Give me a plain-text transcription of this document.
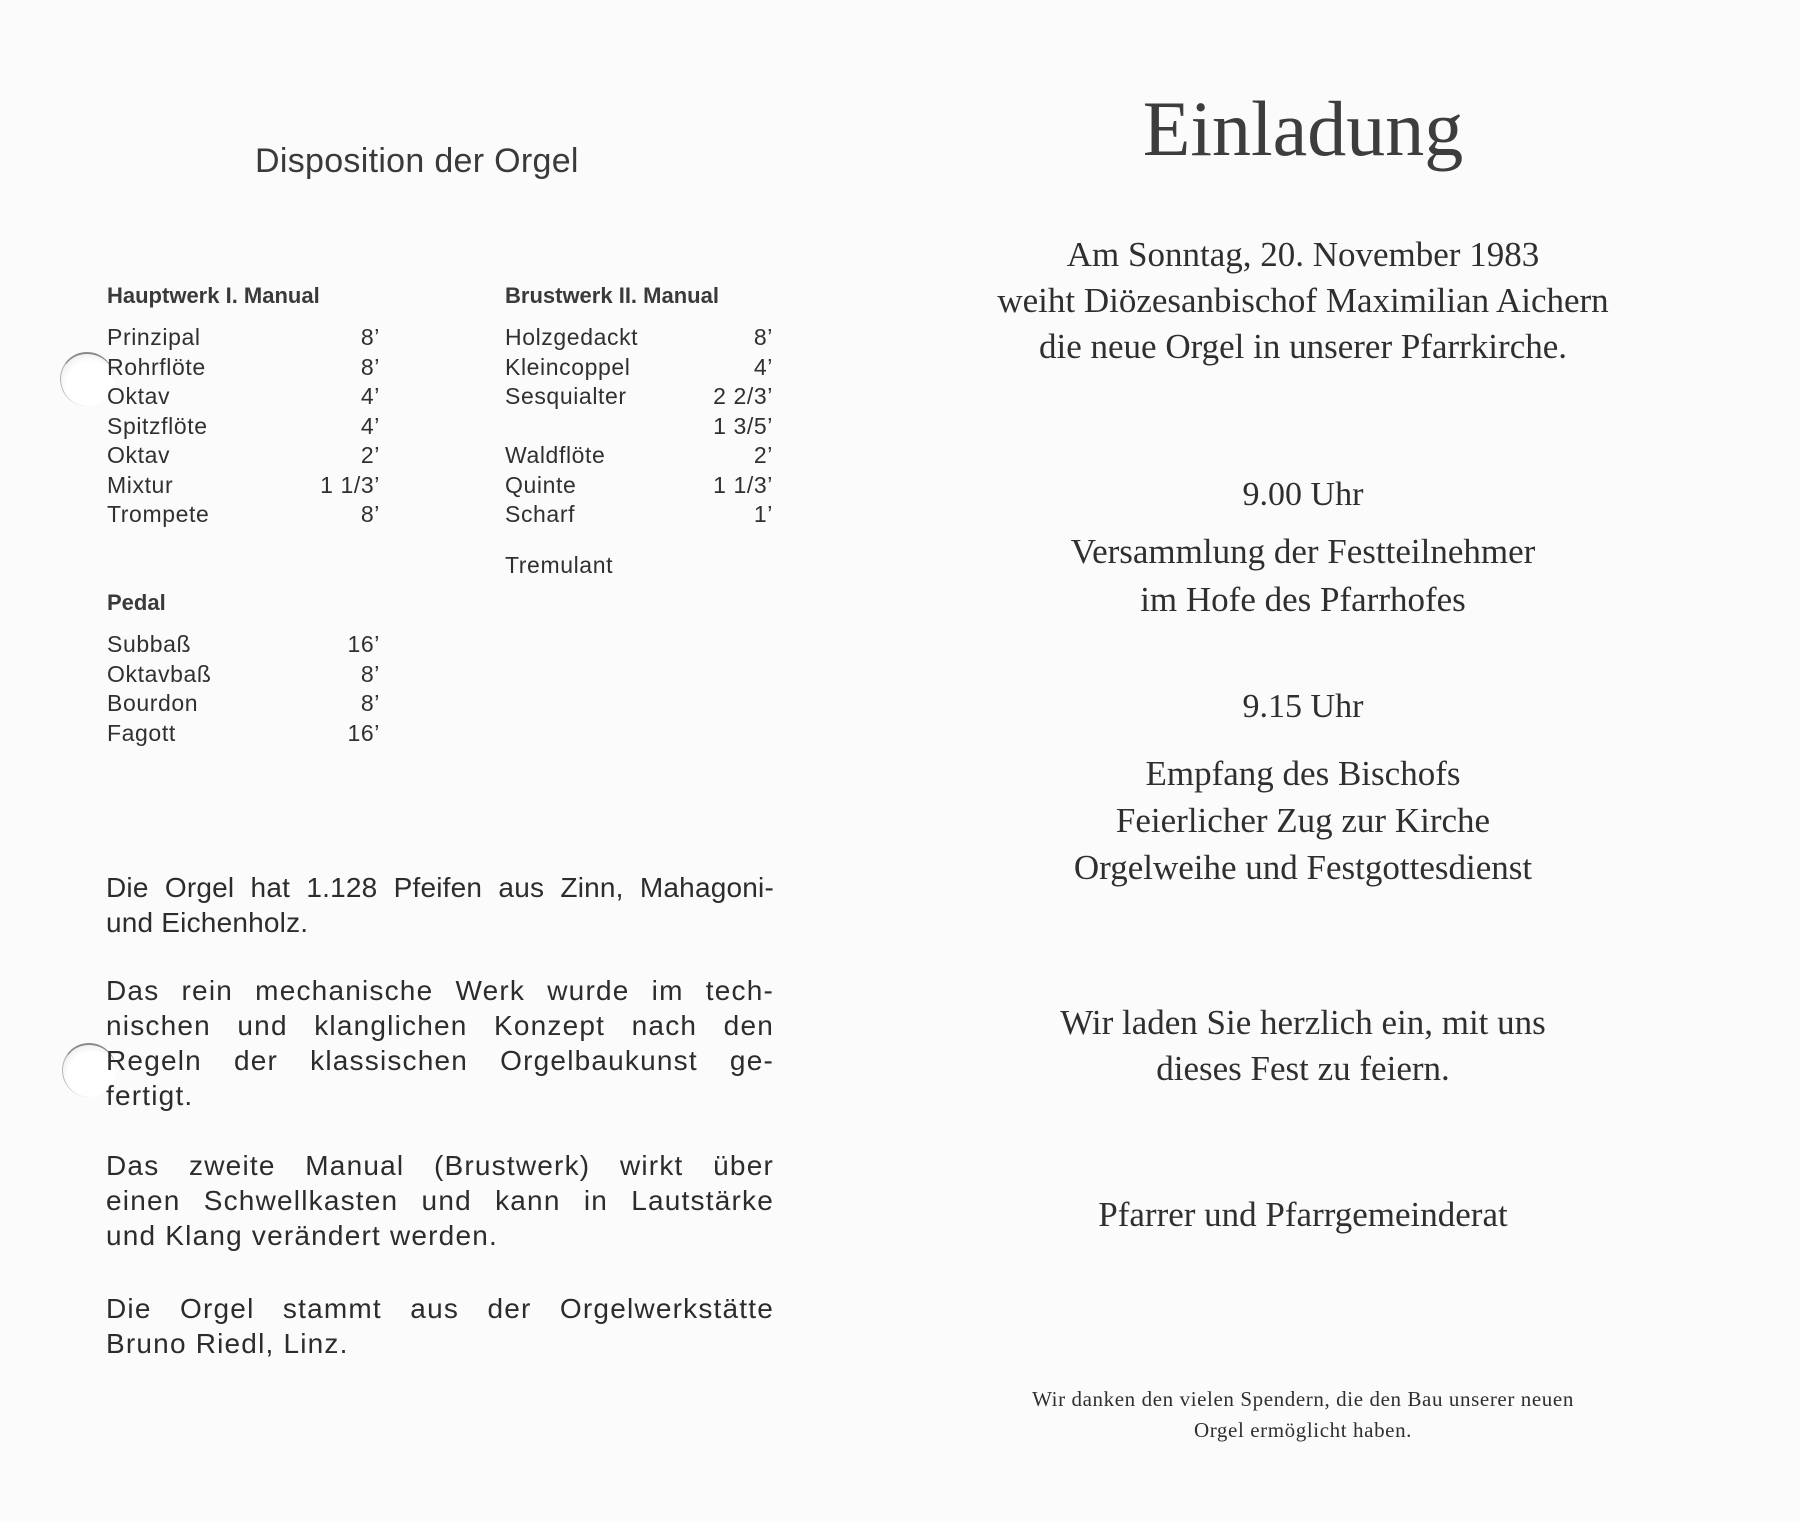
Disposition der Orgel
Hauptwerk I. Manual
Prinzipal	8’
Rohrflöte	8’
Oktav	4’
Spitzflöte	4’
Oktav	2’
Mixtur	1 1/3’
Trompete	8’
Brustwerk II. Manual
Holzgedackt	8’
Kleincoppel	4’
Sesquialter	2 2/3’
1 3/5’
Waldflöte	2’
Quinte	1 1/3’
Scharf	1’
Tremulant
Pedal
Subbaß	16’
Oktavbaß	8’
Bourdon	8’
Fagott	16’
Die Orgel hat 1.128 Pfeifen aus Zinn, Mahagoni-
und Eichenholz.
Das rein mechanische Werk wurde im tech-
nischen und klanglichen Konzept nach den
Regeln der klassischen Orgelbaukunst ge-
fertigt.
Das zweite Manual (Brustwerk) wirkt über
einen Schwellkasten und kann in Lautstärke
und Klang verändert werden.
Die Orgel stammt aus der Orgelwerkstätte
Bruno Riedl, Linz.
Einladung
Am Sonntag, 20. November 1983
weiht Diözesanbischof Maximilian Aichern
die neue Orgel in unserer Pfarrkirche.
9.00 Uhr
Versammlung der Festteilnehmer
im Hofe des Pfarrhofes
9.15 Uhr
Empfang des Bischofs
Feierlicher Zug zur Kirche
Orgelweihe und Festgottesdienst
Wir laden Sie herzlich ein, mit uns
dieses Fest zu feiern.
Pfarrer und Pfarrgemeinderat
Wir danken den vielen Spendern, die den Bau unserer neuen
Orgel ermöglicht haben.
